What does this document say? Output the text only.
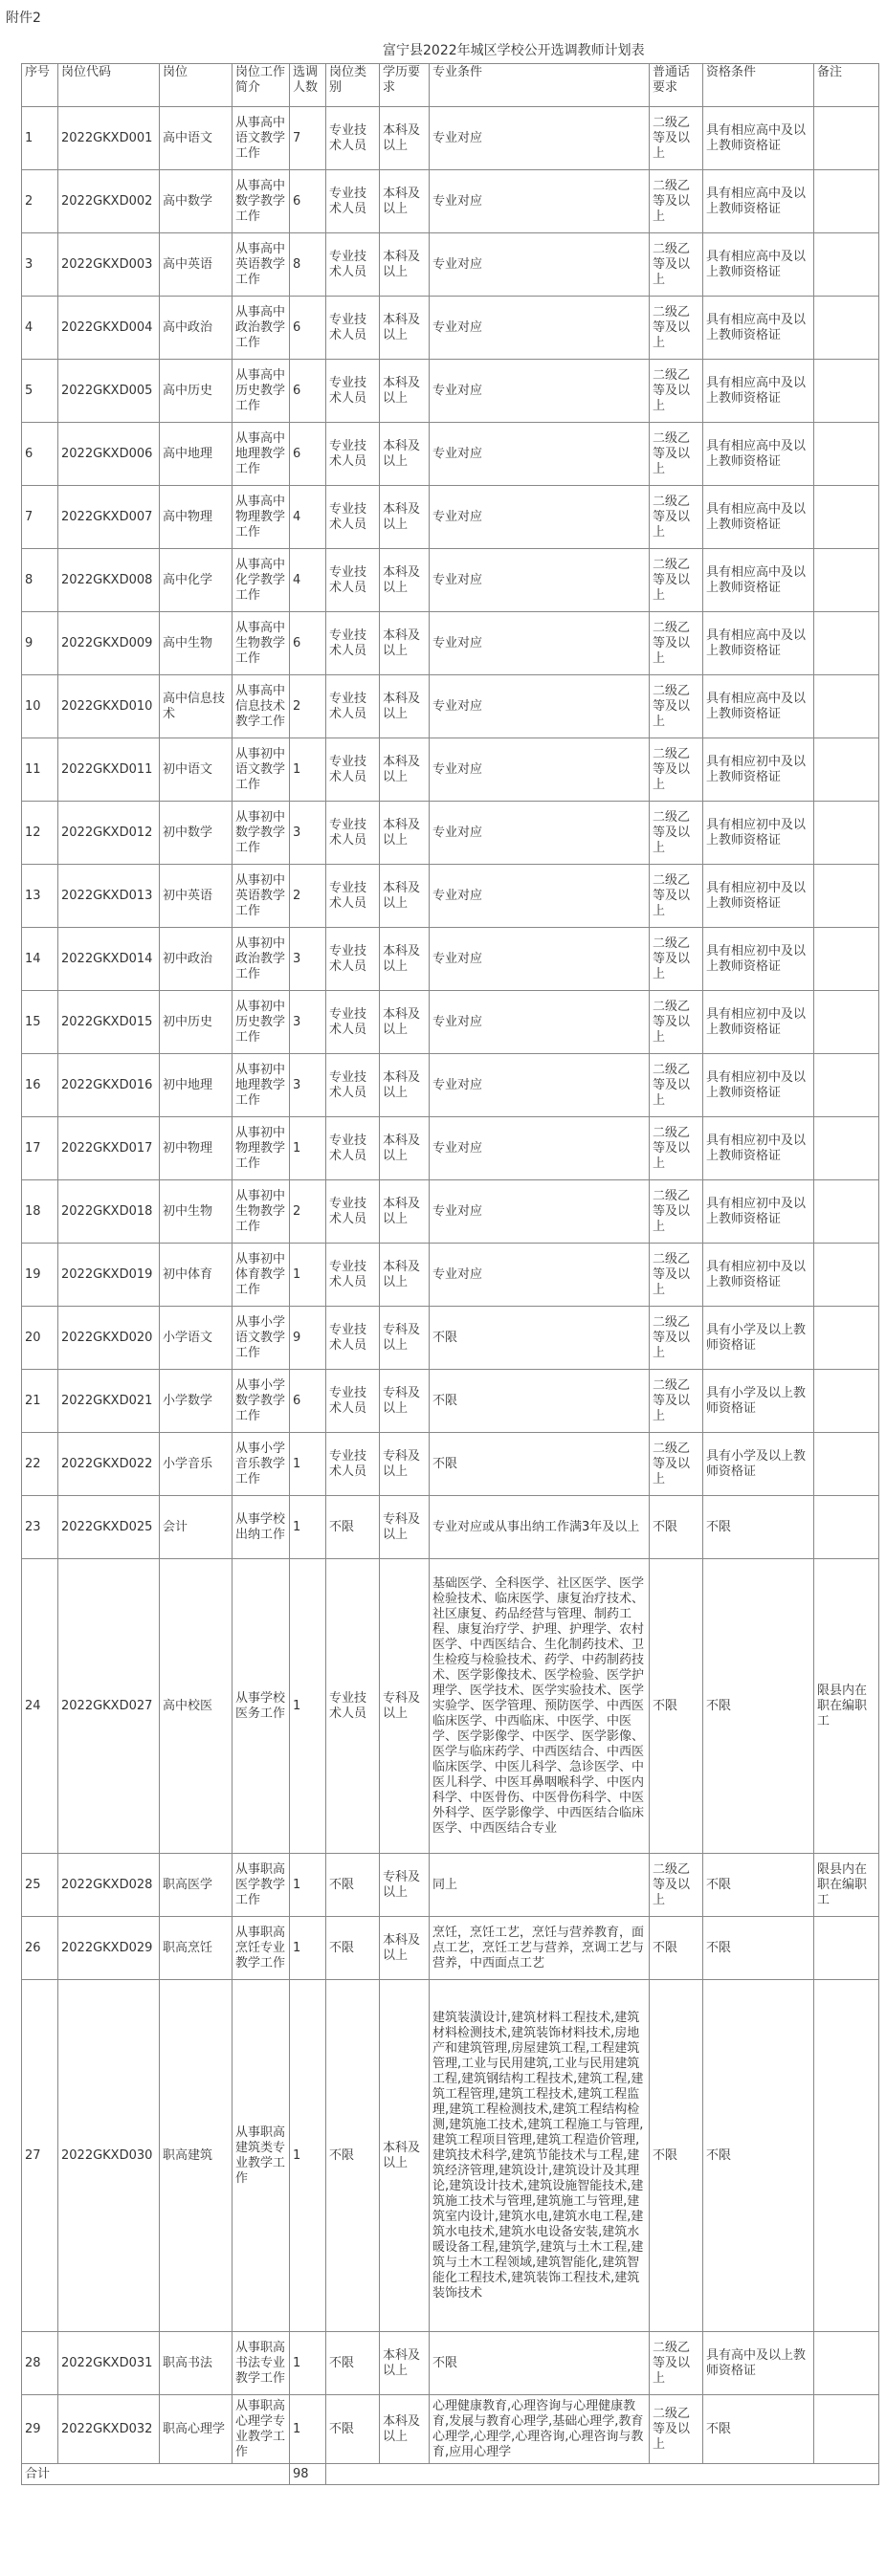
附件2
富宁县2022年城区学校公开选调教师计划表
序号	岗位代码	岗位	岗位工作简介	选调人数	岗位类别	学历要求	专业条件	普通话要求	资格条件	备注
1	2022GKXD001	高中语文	从事高中语文教学工作	7	专业技术人员	本科及以上	专业对应	二级乙等及以上	具有相应高中及以上教师资格证	
2	2022GKXD002	高中数学	从事高中数学教学工作	6	专业技术人员	本科及以上	专业对应	二级乙等及以上	具有相应高中及以上教师资格证	
3	2022GKXD003	高中英语	从事高中英语教学工作	8	专业技术人员	本科及以上	专业对应	二级乙等及以上	具有相应高中及以上教师资格证	
4	2022GKXD004	高中政治	从事高中政治教学工作	6	专业技术人员	本科及以上	专业对应	二级乙等及以上	具有相应高中及以上教师资格证	
5	2022GKXD005	高中历史	从事高中历史教学工作	6	专业技术人员	本科及以上	专业对应	二级乙等及以上	具有相应高中及以上教师资格证	
6	2022GKXD006	高中地理	从事高中地理教学工作	6	专业技术人员	本科及以上	专业对应	二级乙等及以上	具有相应高中及以上教师资格证	
7	2022GKXD007	高中物理	从事高中物理教学工作	4	专业技术人员	本科及以上	专业对应	二级乙等及以上	具有相应高中及以上教师资格证	
8	2022GKXD008	高中化学	从事高中化学教学工作	4	专业技术人员	本科及以上	专业对应	二级乙等及以上	具有相应高中及以上教师资格证	
9	2022GKXD009	高中生物	从事高中生物教学工作	6	专业技术人员	本科及以上	专业对应	二级乙等及以上	具有相应高中及以上教师资格证	
10	2022GKXD010	高中信息技术	从事高中信息技术教学工作	2	专业技术人员	本科及以上	专业对应	二级乙等及以上	具有相应高中及以上教师资格证	
11	2022GKXD011	初中语文	从事初中语文教学工作	1	专业技术人员	本科及以上	专业对应	二级乙等及以上	具有相应初中及以上教师资格证	
12	2022GKXD012	初中数学	从事初中数学教学工作	3	专业技术人员	本科及以上	专业对应	二级乙等及以上	具有相应初中及以上教师资格证	
13	2022GKXD013	初中英语	从事初中英语教学工作	2	专业技术人员	本科及以上	专业对应	二级乙等及以上	具有相应初中及以上教师资格证	
14	2022GKXD014	初中政治	从事初中政治教学工作	3	专业技术人员	本科及以上	专业对应	二级乙等及以上	具有相应初中及以上教师资格证	
15	2022GKXD015	初中历史	从事初中历史教学工作	3	专业技术人员	本科及以上	专业对应	二级乙等及以上	具有相应初中及以上教师资格证	
16	2022GKXD016	初中地理	从事初中地理教学工作	3	专业技术人员	本科及以上	专业对应	二级乙等及以上	具有相应初中及以上教师资格证	
17	2022GKXD017	初中物理	从事初中物理教学工作	1	专业技术人员	本科及以上	专业对应	二级乙等及以上	具有相应初中及以上教师资格证	
18	2022GKXD018	初中生物	从事初中生物教学工作	2	专业技术人员	本科及以上	专业对应	二级乙等及以上	具有相应初中及以上教师资格证	
19	2022GKXD019	初中体育	从事初中体育教学工作	1	专业技术人员	本科及以上	专业对应	二级乙等及以上	具有相应初中及以上教师资格证	
20	2022GKXD020	小学语文	从事小学语文教学工作	9	专业技术人员	专科及以上	不限	二级乙等及以上	具有小学及以上教师资格证	
21	2022GKXD021	小学数学	从事小学数学教学工作	6	专业技术人员	专科及以上	不限	二级乙等及以上	具有小学及以上教师资格证	
22	2022GKXD022	小学音乐	从事小学音乐教学工作	1	专业技术人员	专科及以上	不限	二级乙等及以上	具有小学及以上教师资格证	
23	2022GKXD025	会计	从事学校出纳工作	1	不限	专科及以上	专业对应或从事出纳工作满3年及以上	不限	不限	
24	2022GKXD027	高中校医	从事学校医务工作	1	专业技术人员	专科及以上	基础医学、全科医学、社区医学、医学检验技术、临床医学、康复治疗技术、社区康复、药品经营与管理、制药工程、康复治疗学、护理、护理学、农村医学、中西医结合、生化制药技术、卫生检疫与检验技术、药学、中药制药技术、医学影像技术、医学检验、医学护理学、医学技术、医学实验技术、医学实验学、医学管理、预防医学、中西医临床医学、中西临床、中医学、中医学、医学影像学、中医学、医学影像、医学与临床药学、中西医结合、中西医临床医学、中医儿科学、急诊医学、中医儿科学、中医耳鼻咽喉科学、中医内科学、中医骨伤、中医骨伤科学、中医外科学、医学影像学、中西医结合临床医学、中西医结合专业	不限	不限	限县内在职在编职工
25	2022GKXD028	职高医学	从事职高医学教学工作	1	不限	专科及以上	同上	二级乙等及以上	不限	限县内在职在编职工
26	2022GKXD029	职高烹饪	从事职高烹饪专业教学工作	1	不限	本科及以上	烹饪，烹饪工艺，烹饪与营养教育，面点工艺，烹饪工艺与营养，烹调工艺与营养，中西面点工艺	不限	不限	
27	2022GKXD030	职高建筑	从事职高建筑类专业教学工作	1	不限	本科及以上	建筑装潢设计,建筑材料工程技术,建筑材料检测技术,建筑装饰材料技术,房地产和建筑管理,房屋建筑工程,工程建筑管理,工业与民用建筑,工业与民用建筑工程,建筑钢结构工程技术,建筑工程,建筑工程管理,建筑工程技术,建筑工程监理,建筑工程检测技术,建筑工程结构检测,建筑施工技术,建筑工程施工与管理,建筑工程项目管理,建筑工程造价管理,建筑技术科学,建筑节能技术与工程,建筑经济管理,建筑设计,建筑设计及其理论,建筑设计技术,建筑设施智能技术,建筑施工技术与管理,建筑施工与管理,建筑室内设计,建筑水电,建筑水电工程,建筑水电技术,建筑水电设备安装,建筑水暖设备工程,建筑学,建筑与土木工程,建筑与土木工程领域,建筑智能化,建筑智能化工程技术,建筑装饰工程技术,建筑装饰技术	不限	不限	
28	2022GKXD031	职高书法	从事职高书法专业教学工作	1	不限	本科及以上	不限	二级乙等及以上	具有高中及以上教师资格证	
29	2022GKXD032	职高心理学	从事职高心理学专业教学工作	1	不限	本科及以上	心理健康教育,心理咨询与心理健康教育,发展与教育心理学,基础心理学,教育心理学,心理学,心理咨询,心理咨询与教育,应用心理学	二级乙等及以上	不限	
合计				98						
